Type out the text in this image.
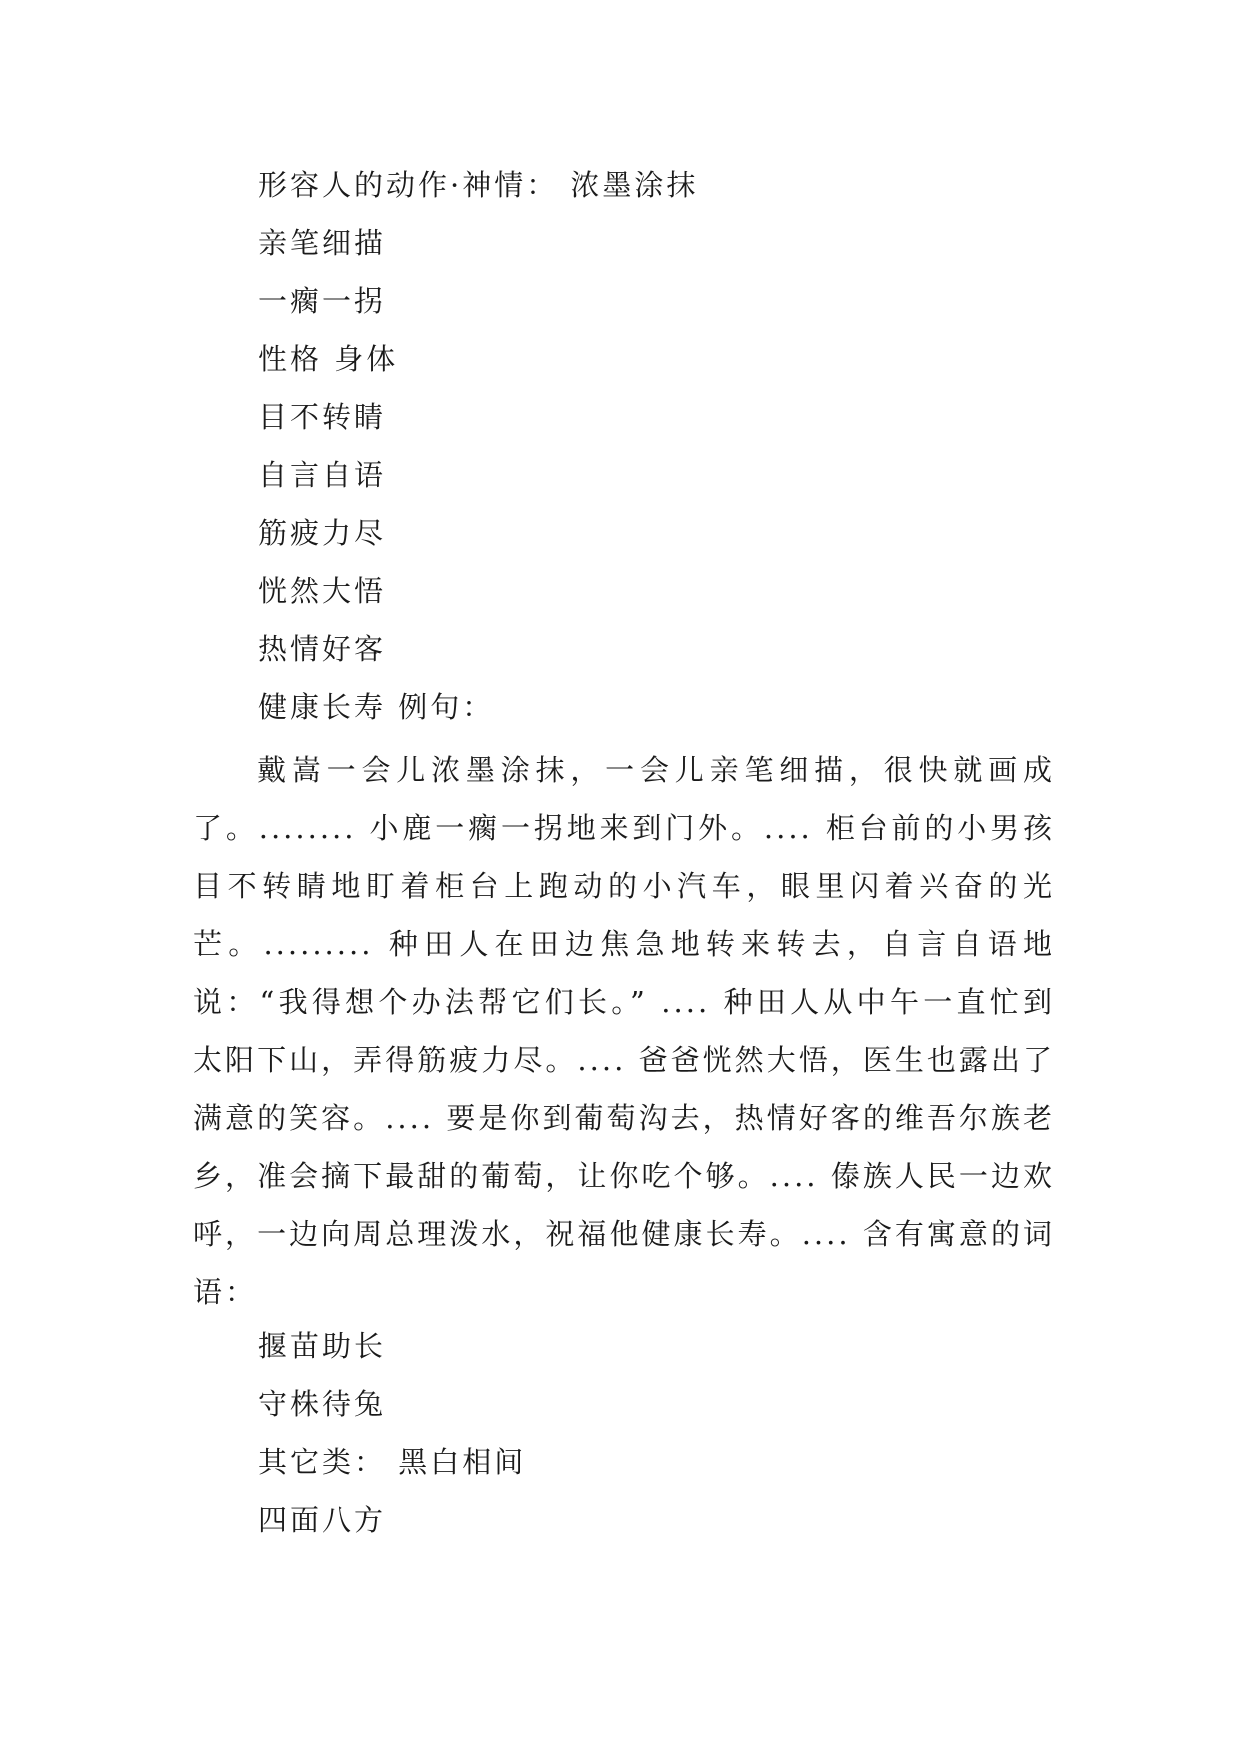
形容人的动作·神情： 浓墨涂抹
亲笔细描
一瘸一拐
性格 身体
目不转睛
自言自语
筋疲力尽
恍然大悟
热情好客
健康长寿 例句：

戴嵩一会儿浓墨涂抹，一会儿亲笔细描，很快就画成了。........ 小鹿一瘸一拐地来到门外。.... 柜台前的小男孩目不转睛地盯着柜台上跑动的小汽车，眼里闪着兴奋的光芒。......... 种田人在田边焦急地转来转去，自言自语地说：“我得想个办法帮它们长。” .... 种田人从中午一直忙到太阳下山，弄得筋疲力尽。.... 爸爸恍然大悟，医生也露出了满意的笑容。.... 要是你到葡萄沟去，热情好客的维吾尔族老乡，准会摘下最甜的葡萄，让你吃个够。.... 傣族人民一边欢呼，一边向周总理泼水，祝福他健康长寿。.... 含有寓意的词语：

揠苗助长
守株待兔
其它类： 黑白相间
四面八方
